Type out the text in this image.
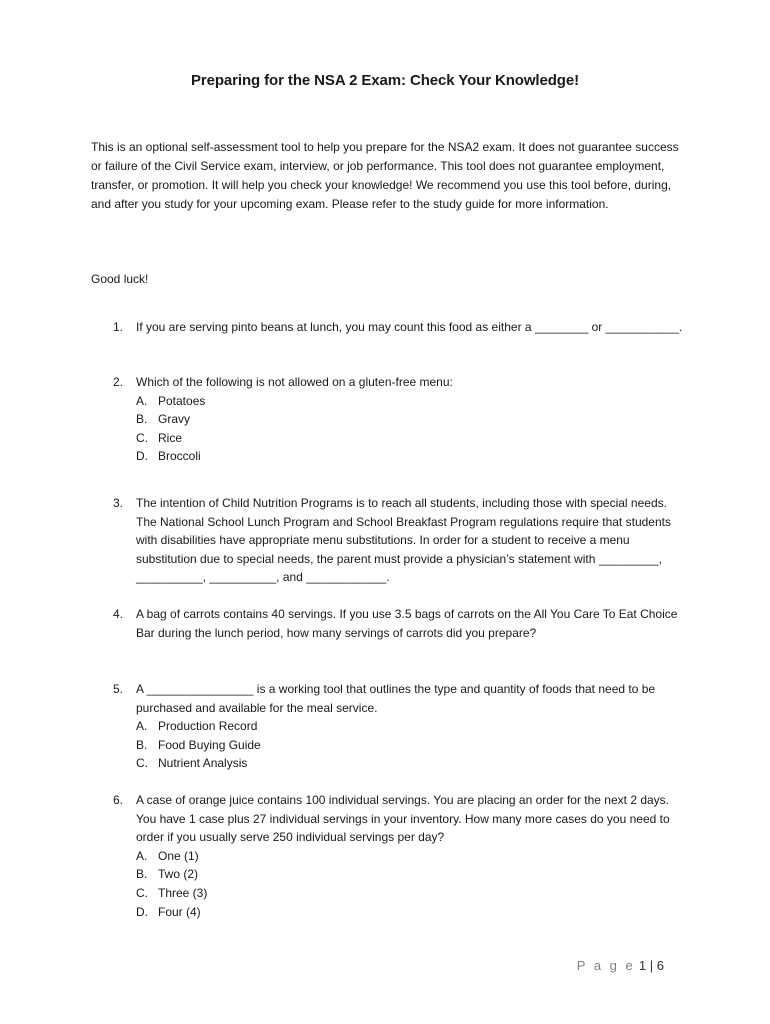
Preparing for the NSA 2 Exam: Check Your Knowledge!

This is an optional self-assessment tool to help you prepare for the NSA2 exam. It does not guarantee success or failure of the Civil Service exam, interview, or job performance. This tool does not guarantee employment, transfer, or promotion. It will help you check your knowledge! We recommend you use this tool before, during, and after you study for your upcoming exam. Please refer to the study guide for more information.

Good luck!

1.	If you are serving pinto beans at lunch, you may count this food as either a ________ or ___________.
2.	Which of the following is not allowed on a gluten-free menu:
A. Potatoes
B. Gravy
C. Rice
D. Broccoli
3.	The intention of Child Nutrition Programs is to reach all students, including those with special needs. The National School Lunch Program and School Breakfast Program regulations require that students with disabilities have appropriate menu substitutions. In order for a student to receive a menu substitution due to special needs, the parent must provide a physician’s statement with _________, __________, __________, and ____________.
4.	A bag of carrots contains 40 servings. If you use 3.5 bags of carrots on the All You Care To Eat Choice Bar during the lunch period, how many servings of carrots did you prepare?
5.	A ________________ is a working tool that outlines the type and quantity of foods that need to be purchased and available for the meal service.
A. Production Record
B. Food Buying Guide
C. Nutrient Analysis
6.	A case of orange juice contains 100 individual servings. You are placing an order for the next 2 days. You have 1 case plus 27 individual servings in your inventory. How many more cases do you need to order if you usually serve 250 individual servings per day?
A. One (1)
B. Two (2)
C. Three (3)
D. Four (4)
P a g e 1 | 6
